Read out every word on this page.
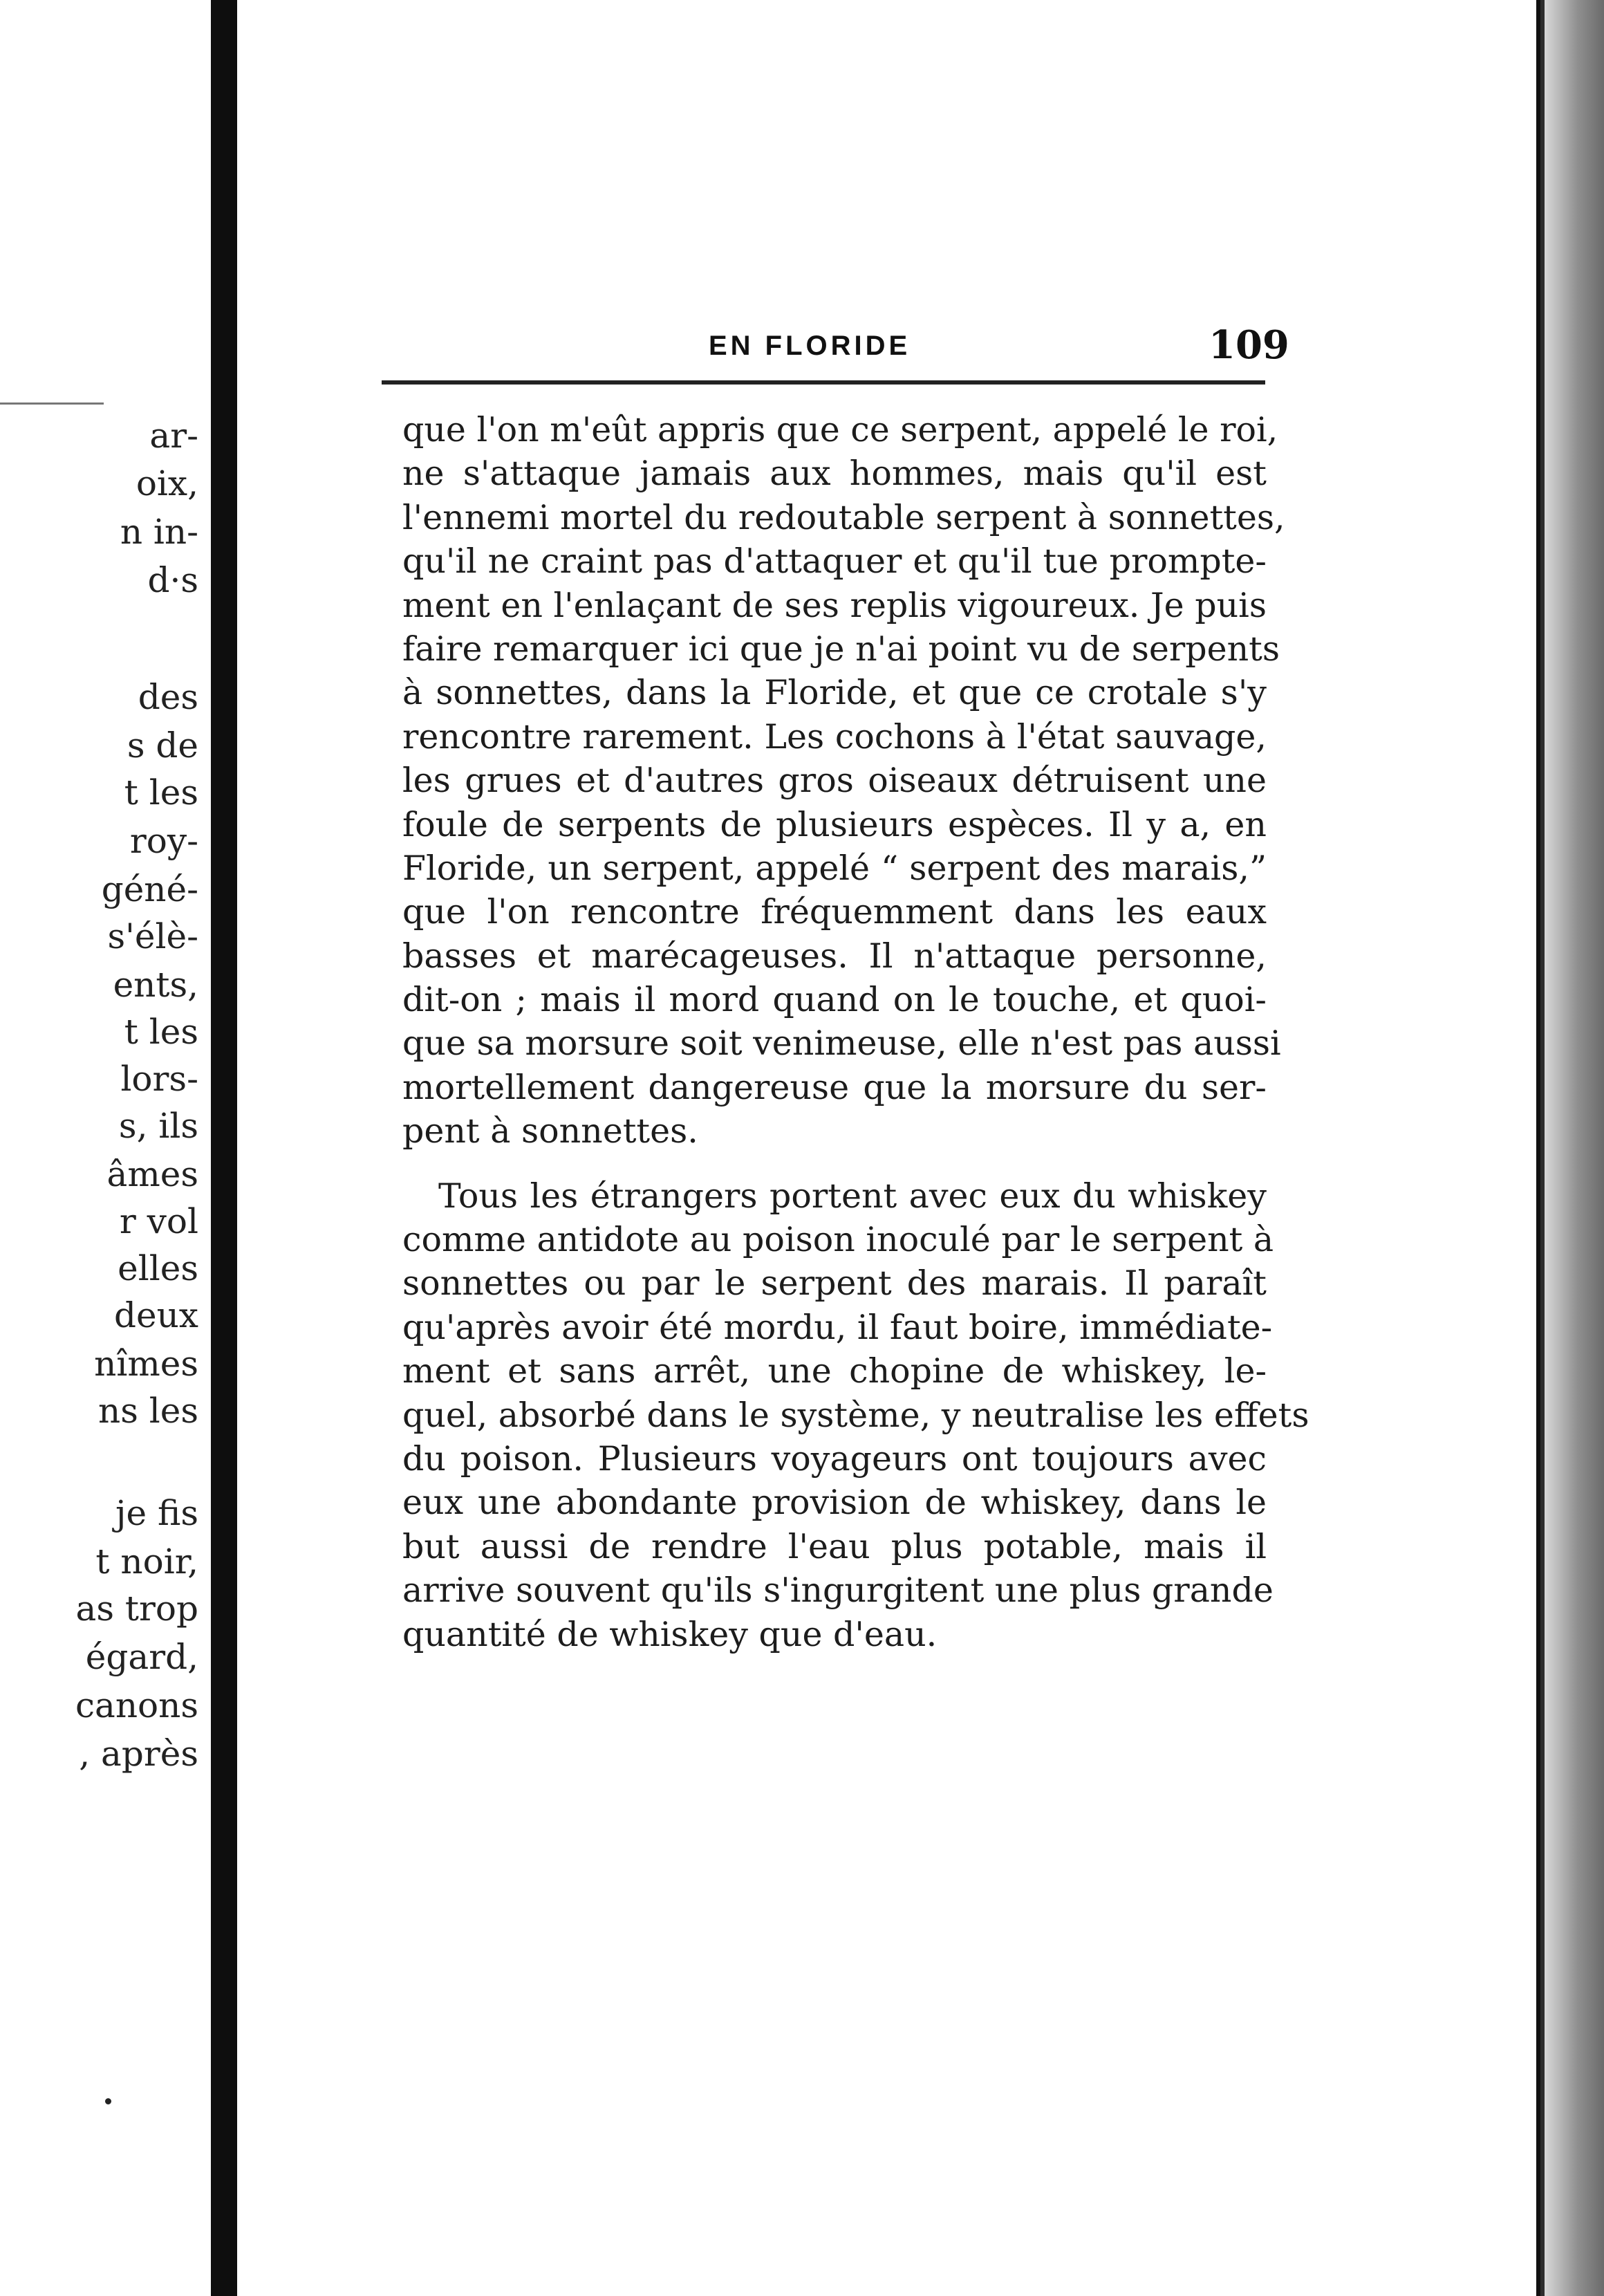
ar-
oix,
n in-
d·s
des
s de
t les
roy-
géné-
s'élè-
ents,
t les
lors-
s, ils
âmes
r vol
elles
deux
nîmes
ns les
je fis
t noir,
as trop
égard,
canons
, après
EN FLORIDE	109
que l'on m'eût appris que ce serpent, appelé le roi,
ne s'attaque jamais aux hommes, mais qu'il est
l'ennemi mortel du redoutable serpent à sonnettes,
qu'il ne craint pas d'attaquer et qu'il tue prompte-
ment en l'enlaçant de ses replis vigoureux. Je puis
faire remarquer ici que je n'ai point vu de serpents
à sonnettes, dans la Floride, et que ce crotale s'y
rencontre rarement. Les cochons à l'état sauvage,
les grues et d'autres gros oiseaux détruisent une
foule de serpents de plusieurs espèces. Il y a, en
Floride, un serpent, appelé “ serpent des marais,”
que l'on rencontre fréquemment dans les eaux
basses et marécageuses. Il n'attaque personne,
dit-on ; mais il mord quand on le touche, et quoi-
que sa morsure soit venimeuse, elle n'est pas aussi
mortellement dangereuse que la morsure du ser-
pent à sonnettes.
Tous les étrangers portent avec eux du whiskey
comme antidote au poison inoculé par le serpent à
sonnettes ou par le serpent des marais. Il paraît
qu'après avoir été mordu, il faut boire, immédiate-
ment et sans arrêt, une chopine de whiskey, le-
quel, absorbé dans le système, y neutralise les effets
du poison. Plusieurs voyageurs ont toujours avec
eux une abondante provision de whiskey, dans le
but aussi de rendre l'eau plus potable, mais il
arrive souvent qu'ils s'ingurgitent une plus grande
quantité de whiskey que d'eau.
